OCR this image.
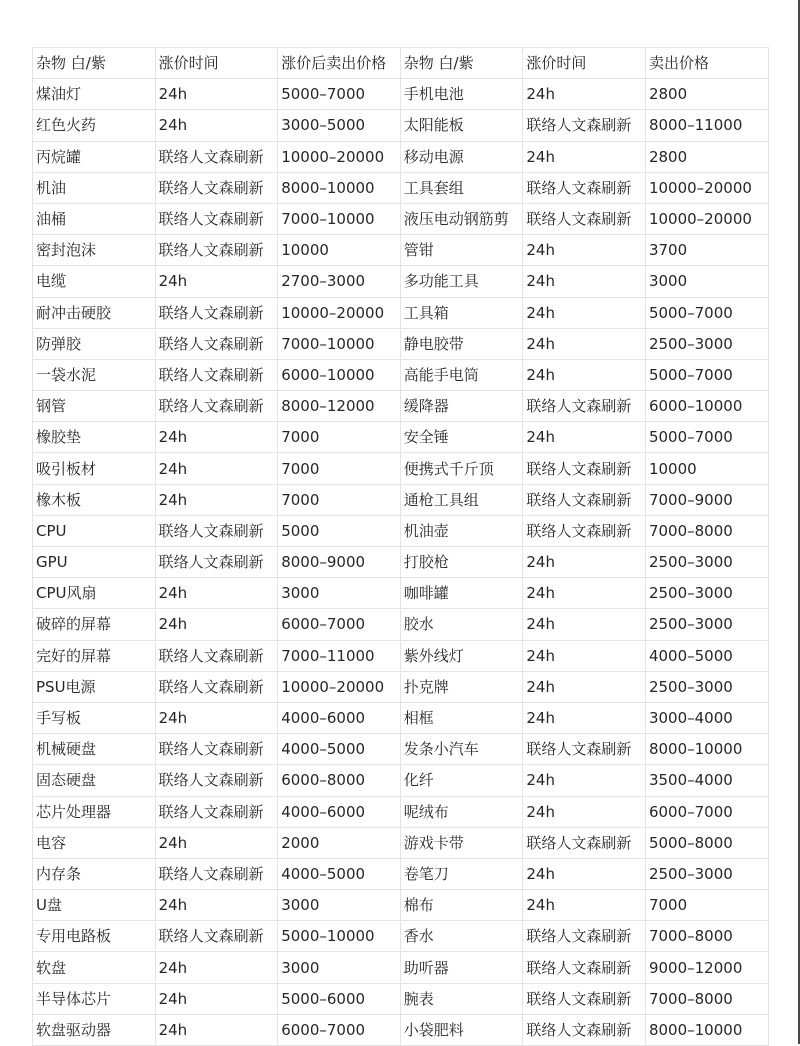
杂物 白/紫	涨价时间	涨价后卖出价格	杂物 白/紫	涨价时间	卖出价格
煤油灯	24h	5000–7000	手机电池	24h	2800
红色火药	24h	3000–5000	太阳能板	联络人文森刷新	8000–11000
丙烷罐	联络人文森刷新	10000–20000	移动电源	24h	2800
机油	联络人文森刷新	8000–10000	工具套组	联络人文森刷新	10000–20000
油桶	联络人文森刷新	7000–10000	液压电动钢筋剪	联络人文森刷新	10000–20000
密封泡沫	联络人文森刷新	10000	管钳	24h	3700
电缆	24h	2700–3000	多功能工具	24h	3000
耐冲击硬胶	联络人文森刷新	10000–20000	工具箱	24h	5000–7000
防弹胶	联络人文森刷新	7000–10000	静电胶带	24h	2500–3000
一袋水泥	联络人文森刷新	6000–10000	高能手电筒	24h	5000–7000
钢管	联络人文森刷新	8000–12000	缓降器	联络人文森刷新	6000–10000
橡胶垫	24h	7000	安全锤	24h	5000–7000
吸引板材	24h	7000	便携式千斤顶	联络人文森刷新	10000
橡木板	24h	7000	通枪工具组	联络人文森刷新	7000–9000
CPU	联络人文森刷新	5000	机油壶	联络人文森刷新	7000–8000
GPU	联络人文森刷新	8000–9000	打胶枪	24h	2500–3000
CPU风扇	24h	3000	咖啡罐	24h	2500–3000
破碎的屏幕	24h	6000–7000	胶水	24h	2500–3000
完好的屏幕	联络人文森刷新	7000–11000	紫外线灯	24h	4000–5000
PSU电源	联络人文森刷新	10000–20000	扑克牌	24h	2500–3000
手写板	24h	4000–6000	相框	24h	3000–4000
机械硬盘	联络人文森刷新	4000–5000	发条小汽车	联络人文森刷新	8000–10000
固态硬盘	联络人文森刷新	6000–8000	化纤	24h	3500–4000
芯片处理器	联络人文森刷新	4000–6000	呢绒布	24h	6000–7000
电容	24h	2000	游戏卡带	联络人文森刷新	5000–8000
内存条	联络人文森刷新	4000–5000	卷笔刀	24h	2500–3000
U盘	24h	3000	棉布	24h	7000
专用电路板	联络人文森刷新	5000–10000	香水	联络人文森刷新	7000–8000
软盘	24h	3000	助听器	联络人文森刷新	9000–12000
半导体芯片	24h	5000–6000	腕表	联络人文森刷新	7000–8000
软盘驱动器	24h	6000–7000	小袋肥料	联络人文森刷新	8000–10000
